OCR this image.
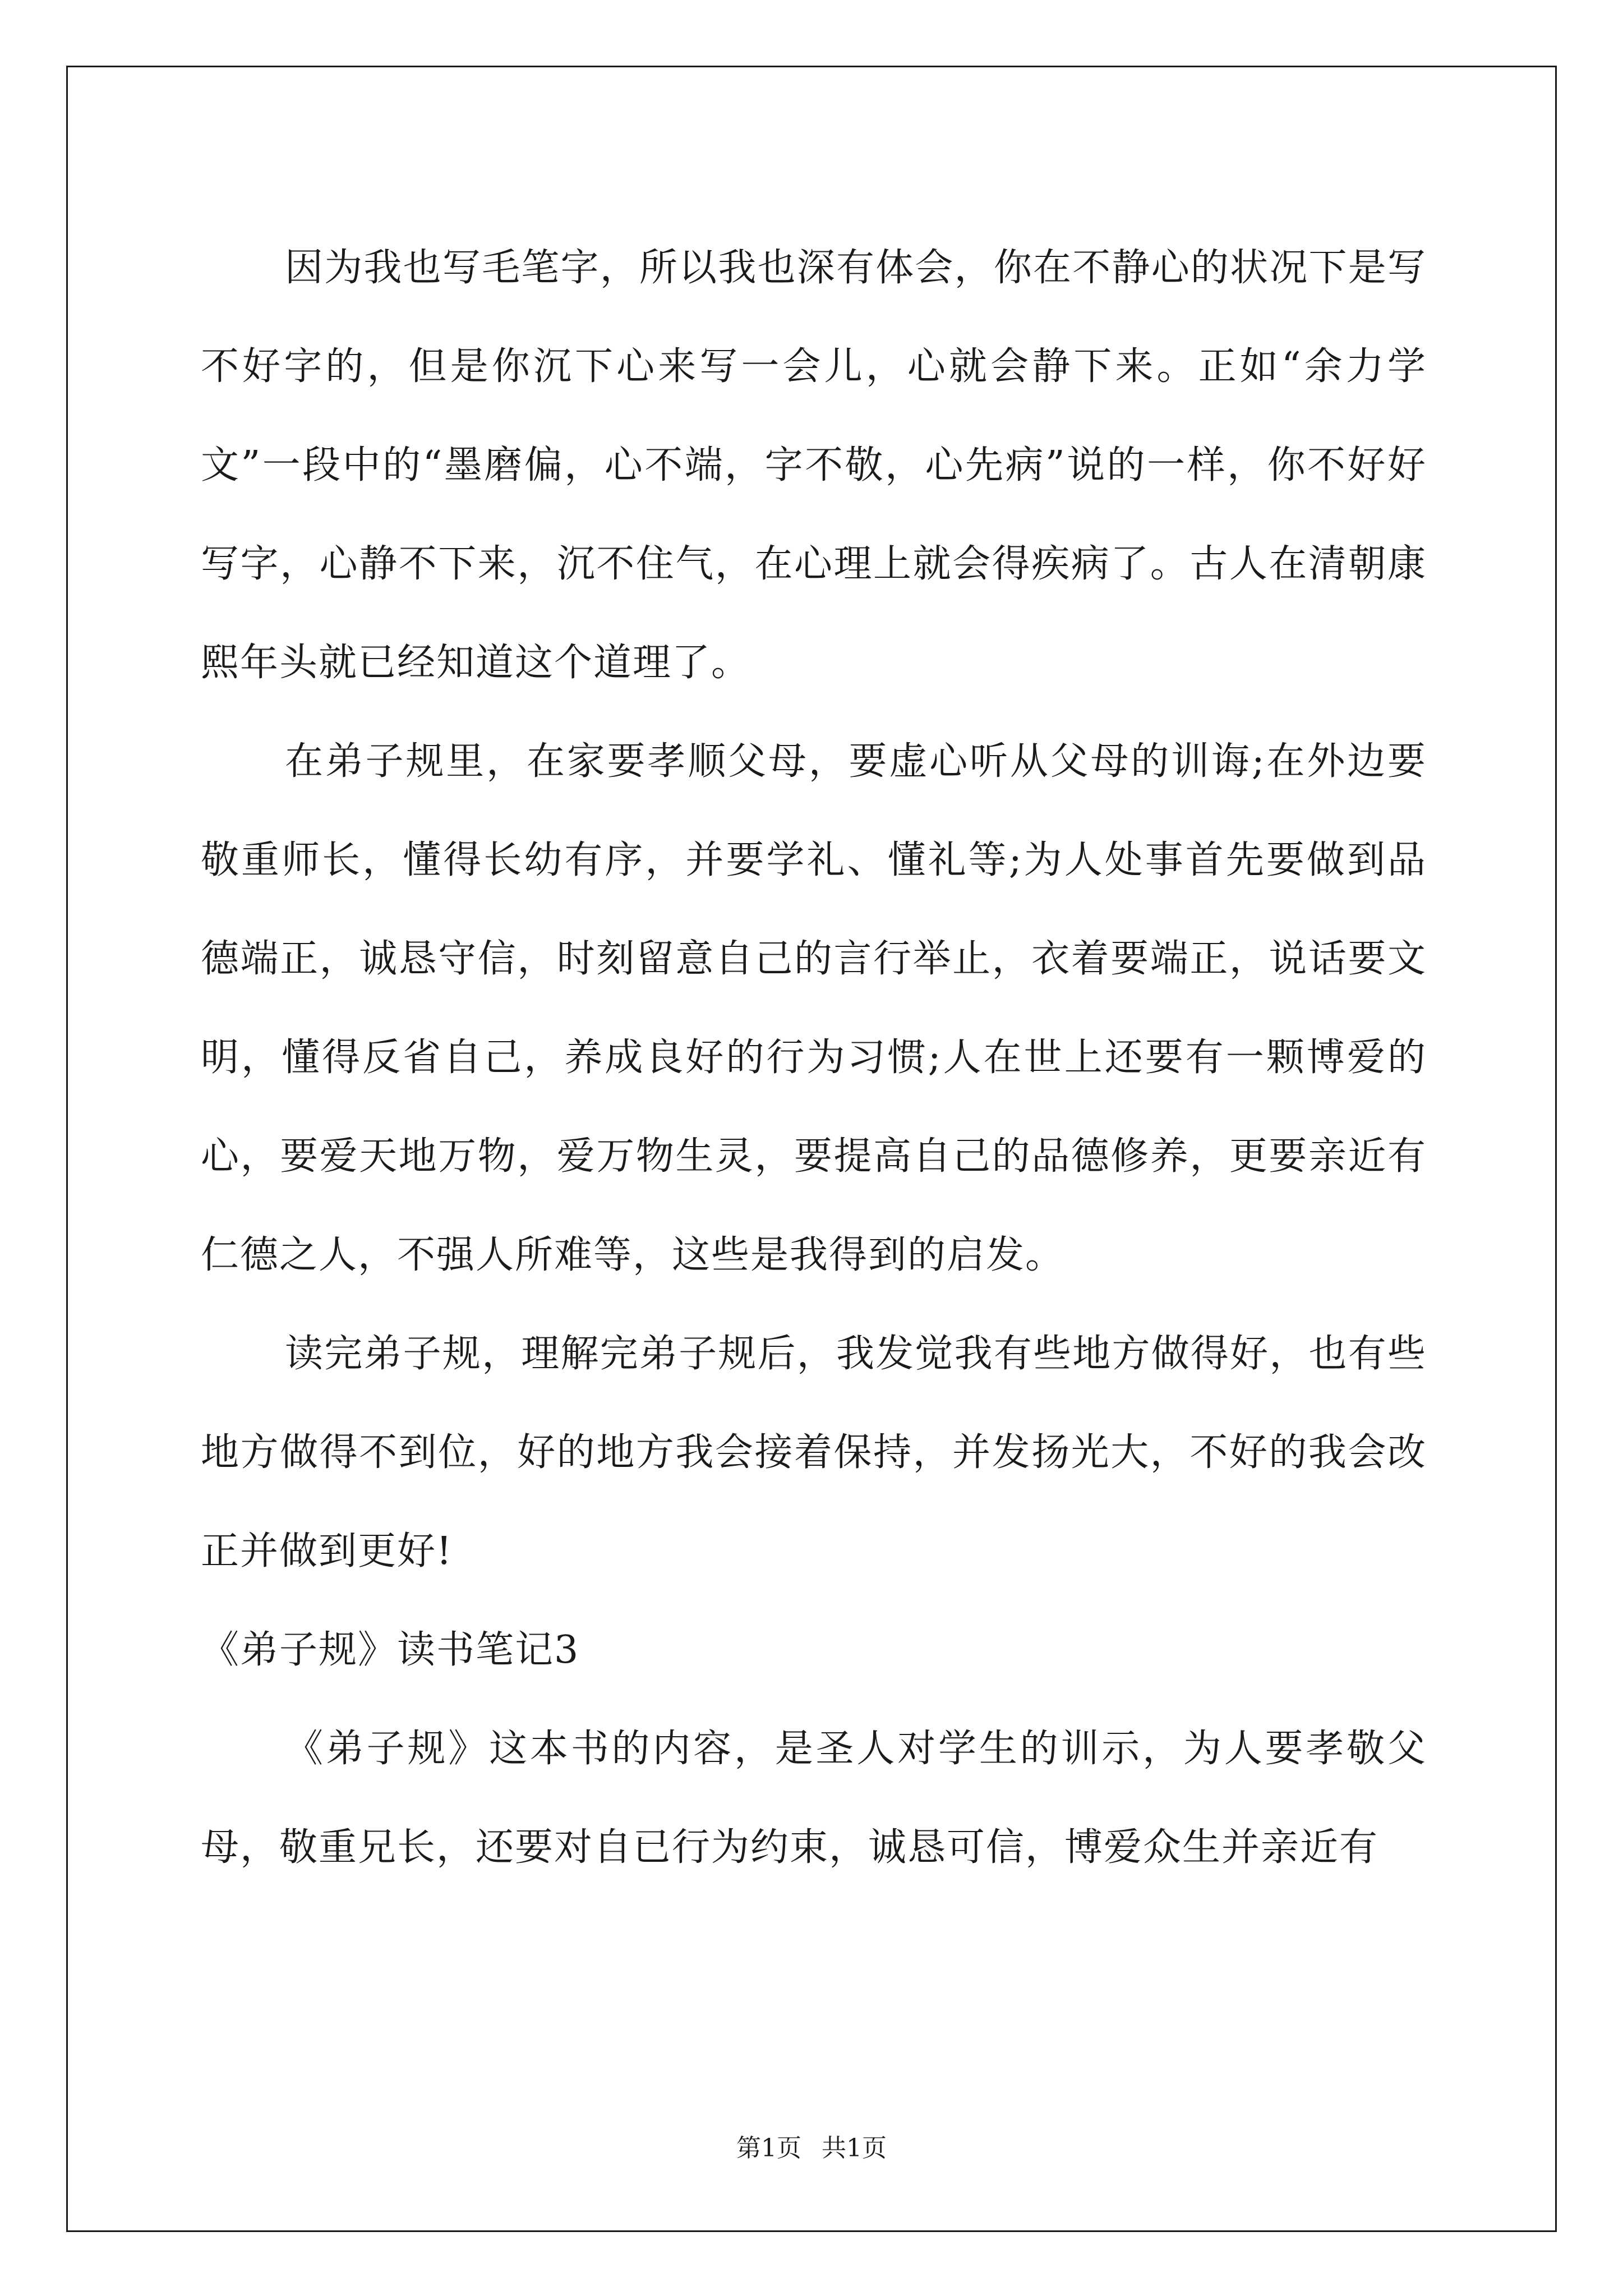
因为我也写毛笔字，所以我也深有体会，你在不静心的状况下是写不好字的，但是你沉下心来写一会儿，心就会静下来。正如“余力学文”一段中的“墨磨偏，心不端，字不敬，心先病”说的一样，你不好好写字，心静不下来，沉不住气，在心理上就会得疾病了。古人在清朝康熙年头就已经知道这个道理了。

在弟子规里，在家要孝顺父母，要虚心听从父母的训诲;在外边要敬重师长，懂得长幼有序，并要学礼、懂礼等;为人处事首先要做到品德端正，诚恳守信，时刻留意自己的言行举止，衣着要端正，说话要文明，懂得反省自己，养成良好的行为习惯;人在世上还要有一颗博爱的心，要爱天地万物，爱万物生灵，要提高自己的品德修养，更要亲近有仁德之人，不强人所难等，这些是我得到的启发。

读完弟子规，理解完弟子规后，我发觉我有些地方做得好，也有些地方做得不到位，好的地方我会接着保持，并发扬光大，不好的我会改正并做到更好!

《弟子规》读书笔记3

《弟子规》这本书的内容，是圣人对学生的训示，为人要孝敬父母，敬重兄长，还要对自已行为约束，诚恳可信，博爱众生并亲近有

第1页 共1页
